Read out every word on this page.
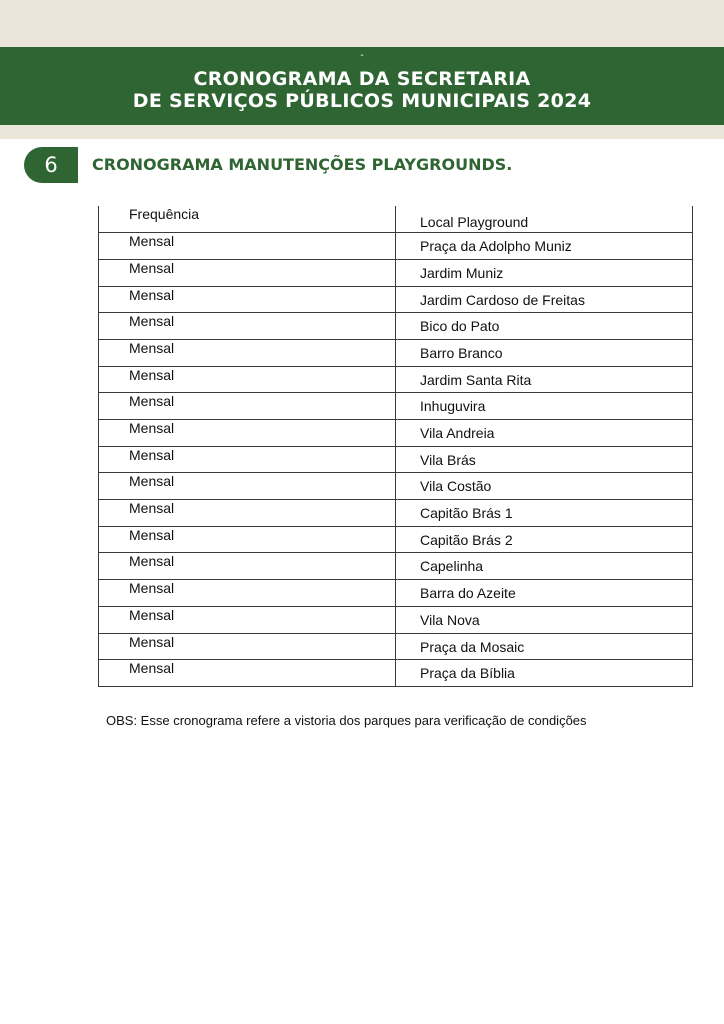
-
CRONOGRAMA DA SECRETARIA
DE SERVIÇOS PÚBLICOS MUNICIPAIS 2024
6	CRONOGRAMA MANUTENÇÕES PLAYGROUNDS.
Frequência	Local Playground
Mensal	Praça da Adolpho Muniz
Mensal	Jardim Muniz
Mensal	Jardim Cardoso de Freitas
Mensal	Bico do Pato
Mensal	Barro Branco
Mensal	Jardim Santa Rita
Mensal	Inhuguvira
Mensal	Vila Andreia
Mensal	Vila Brás
Mensal	Vila Costão
Mensal	Capitão Brás 1
Mensal	Capitão Brás 2
Mensal	Capelinha
Mensal	Barra do Azeite
Mensal	Vila Nova
Mensal	Praça da Mosaic
Mensal	Praça da Bíblia
OBS: Esse cronograma refere a vistoria dos parques para verificação de condições
